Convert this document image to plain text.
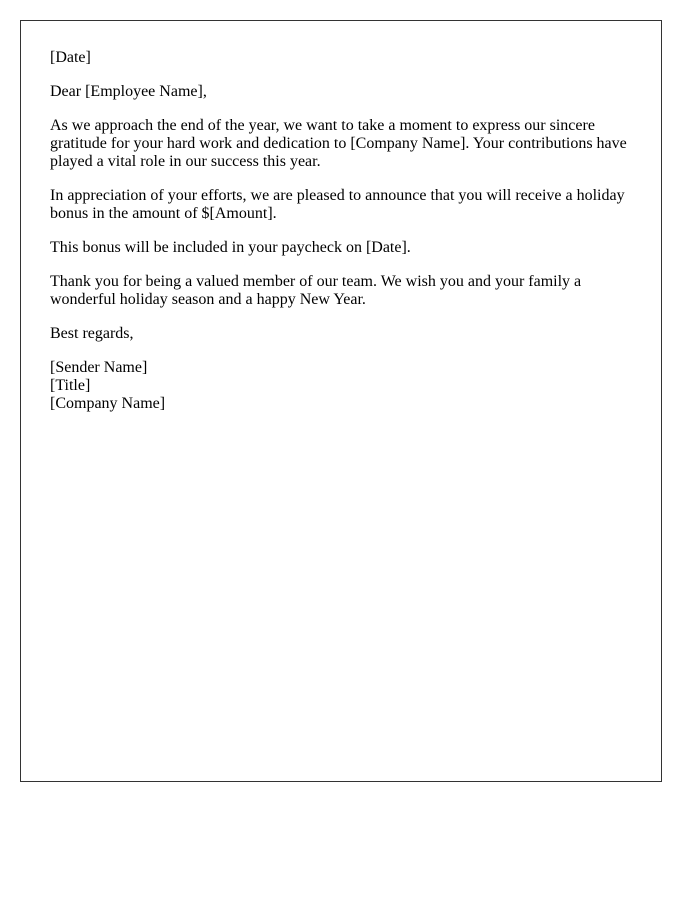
[Date]

Dear [Employee Name],

As we approach the end of the year, we want to take a moment to express our sincere gratitude for your hard work and dedication to [Company Name]. Your contributions have played a vital role in our success this year.

In appreciation of your efforts, we are pleased to announce that you will receive a holiday bonus in the amount of $[Amount].

This bonus will be included in your paycheck on [Date].

Thank you for being a valued member of our team. We wish you and your family a wonderful holiday season and a happy New Year.

Best regards,

[Sender Name]

[Title]

[Company Name]
